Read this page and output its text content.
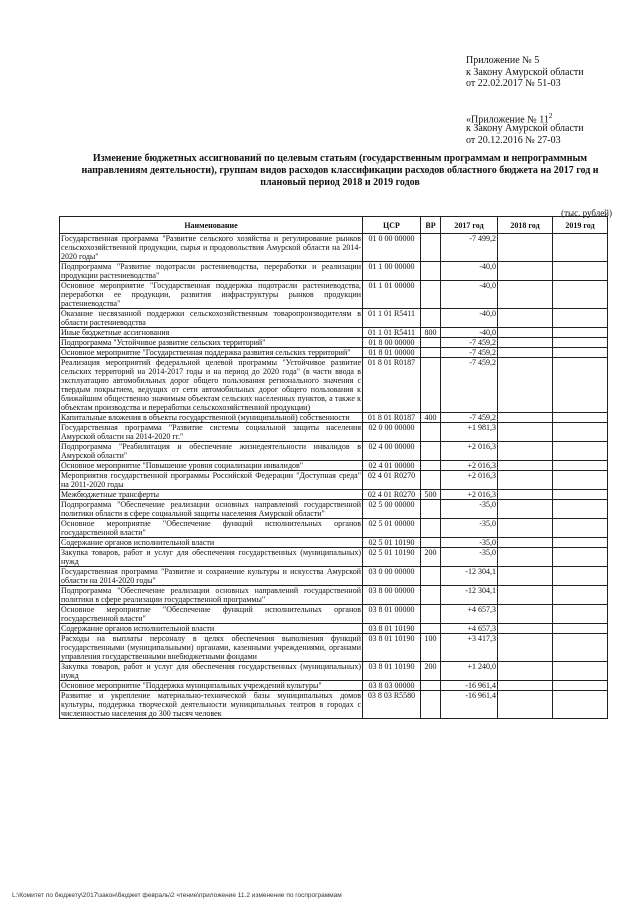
Приложение № 5
к Закону Амурской области
от 22.02.2017 № 51-03
«Приложение № $11^2$
к Закону Амурской области
от 20.12.2016 № 27-03
Изменение бюджетных ассигнований по целевым статьям (государственным программам и непрограммным направлениям деятельности), группам видов расходов классификации расходов областного бюджета на 2017 год и плановый период 2018 и 2019 годов
(тыс. рублей)
Наименование	ЦСР	ВР	2017 год	2018 год	2019 год
Государственная программа "Развитие сельского хозяйства и регулирование рынков сельскохозяйственной продукции, сырья и продовольствия Амурской области на 2014-2020 годы"	01 0 00 00000		-7 499,2		
Подпрограмма "Развитие подотрасли растениеводства, переработки и реализации продукции растениеводства"	01 1 00 00000		-40,0		
Основное мероприятие "Государственная поддержка подотрасли растениеводства, переработки ее продукции, развития инфраструктуры рынков продукции растениеводства"	01 1 01 00000		-40,0		
Оказание несвязанной поддержки сельскохозяйственным товаропроизводителям в области растениеводства	01 1 01 R5411		-40,0		
Иные бюджетные ассигнования	01 1 01 R5411	800	-40,0		
Подпрограмма "Устойчивое развитие сельских территорий"	01 8 00 00000		-7 459,2		
Основное мероприятие "Государственная поддержка развития сельских территорий"	01 8 01 00000		-7 459,2		
Реализация мероприятий федеральной целевой программы "Устойчивое развитие сельских территорий на 2014-2017 годы и на период до 2020 года" (в части ввода в эксплуатацию автомобильных дорог общего пользования регионального значения с твердым покрытием, ведущих от сети автомобильных дорог общего пользования к ближайшим общественно значимым объектам сельских населенных пунктов, а также к объектам производства и переработки сельскохозяйственной продукции)	01 8 01 R0187		-7 459,2		
Капитальные вложения в объекты государственной (муниципальной) собственности	01 8 01 R0187	400	-7 459,2		
Государственная программа "Развитие системы социальной защиты населения Амурской области на 2014-2020 гг."	02 0 00 00000		+1 981,3		
Подпрограмма "Реабилитация и обеспечение жизнедеятельности инвалидов в Амурской области"	02 4 00 00000		+2 016,3		
Основное мероприятие "Повышение уровня социализации инвалидов"	02 4 01 00000		+2 016,3		
Мероприятия государственной программы Российской Федерации "Доступная среда" на 2011-2020 годы	02 4 01 R0270		+2 016,3		
Межбюджетные трансферты	02 4 01 R0270	500	+2 016,3		
Подпрограмма "Обеспечение реализации основных направлений государственной политики области в сфере социальной защиты населения Амурской области"	02 5 00 00000		-35,0		
Основное мероприятие "Обеспечение функций исполнительных органов государственной власти"	02 5 01 00000		-35,0		
Содержание органов исполнительной власти	02 5 01 10190		-35,0		
Закупка товаров, работ и услуг для обеспечения государственных (муниципальных) нужд	02 5 01 10190	200	-35,0		
Государственная программа "Развитие и сохранение культуры и искусства Амурской области на 2014-2020 годы"	03 0 00 00000		-12 304,1		
Подпрограмма "Обеспечение реализации основных направлений государственной политики в сфере реализации государственной программы"	03 8 00 00000		-12 304,1		
Основное мероприятие "Обеспечение функций исполнительных органов государственной власти"	03 8 01 00000		+4 657,3		
Содержание органов исполнительной власти	03 8 01 10190		+4 657,3		
Расходы на выплаты персоналу в целях обеспечения выполнения функций государственными (муниципальными) органами, казенными учреждениями, органами управления государственными внебюджетными фондами	03 8 01 10190	100	+3 417,3		
Закупка товаров, работ и услуг для обеспечения государственных (муниципальных) нужд	03 8 01 10190	200	+1 240,0		
Основное мероприятие "Поддержка муниципальных учреждений культуры"	03 8 03 00000		-16 961,4		
Развитие и укрепление материально-технической базы муниципальных домов культуры, поддержка творческой деятельности муниципальных театров в городах с численностью населения до 300 тысяч человек	03 8 03 R5580		-16 961,4		
L:\Комитет по бюджету\2017\закон\бюджет февраль\2 чтение\приложение 11.2 изменение по госпрограммам
